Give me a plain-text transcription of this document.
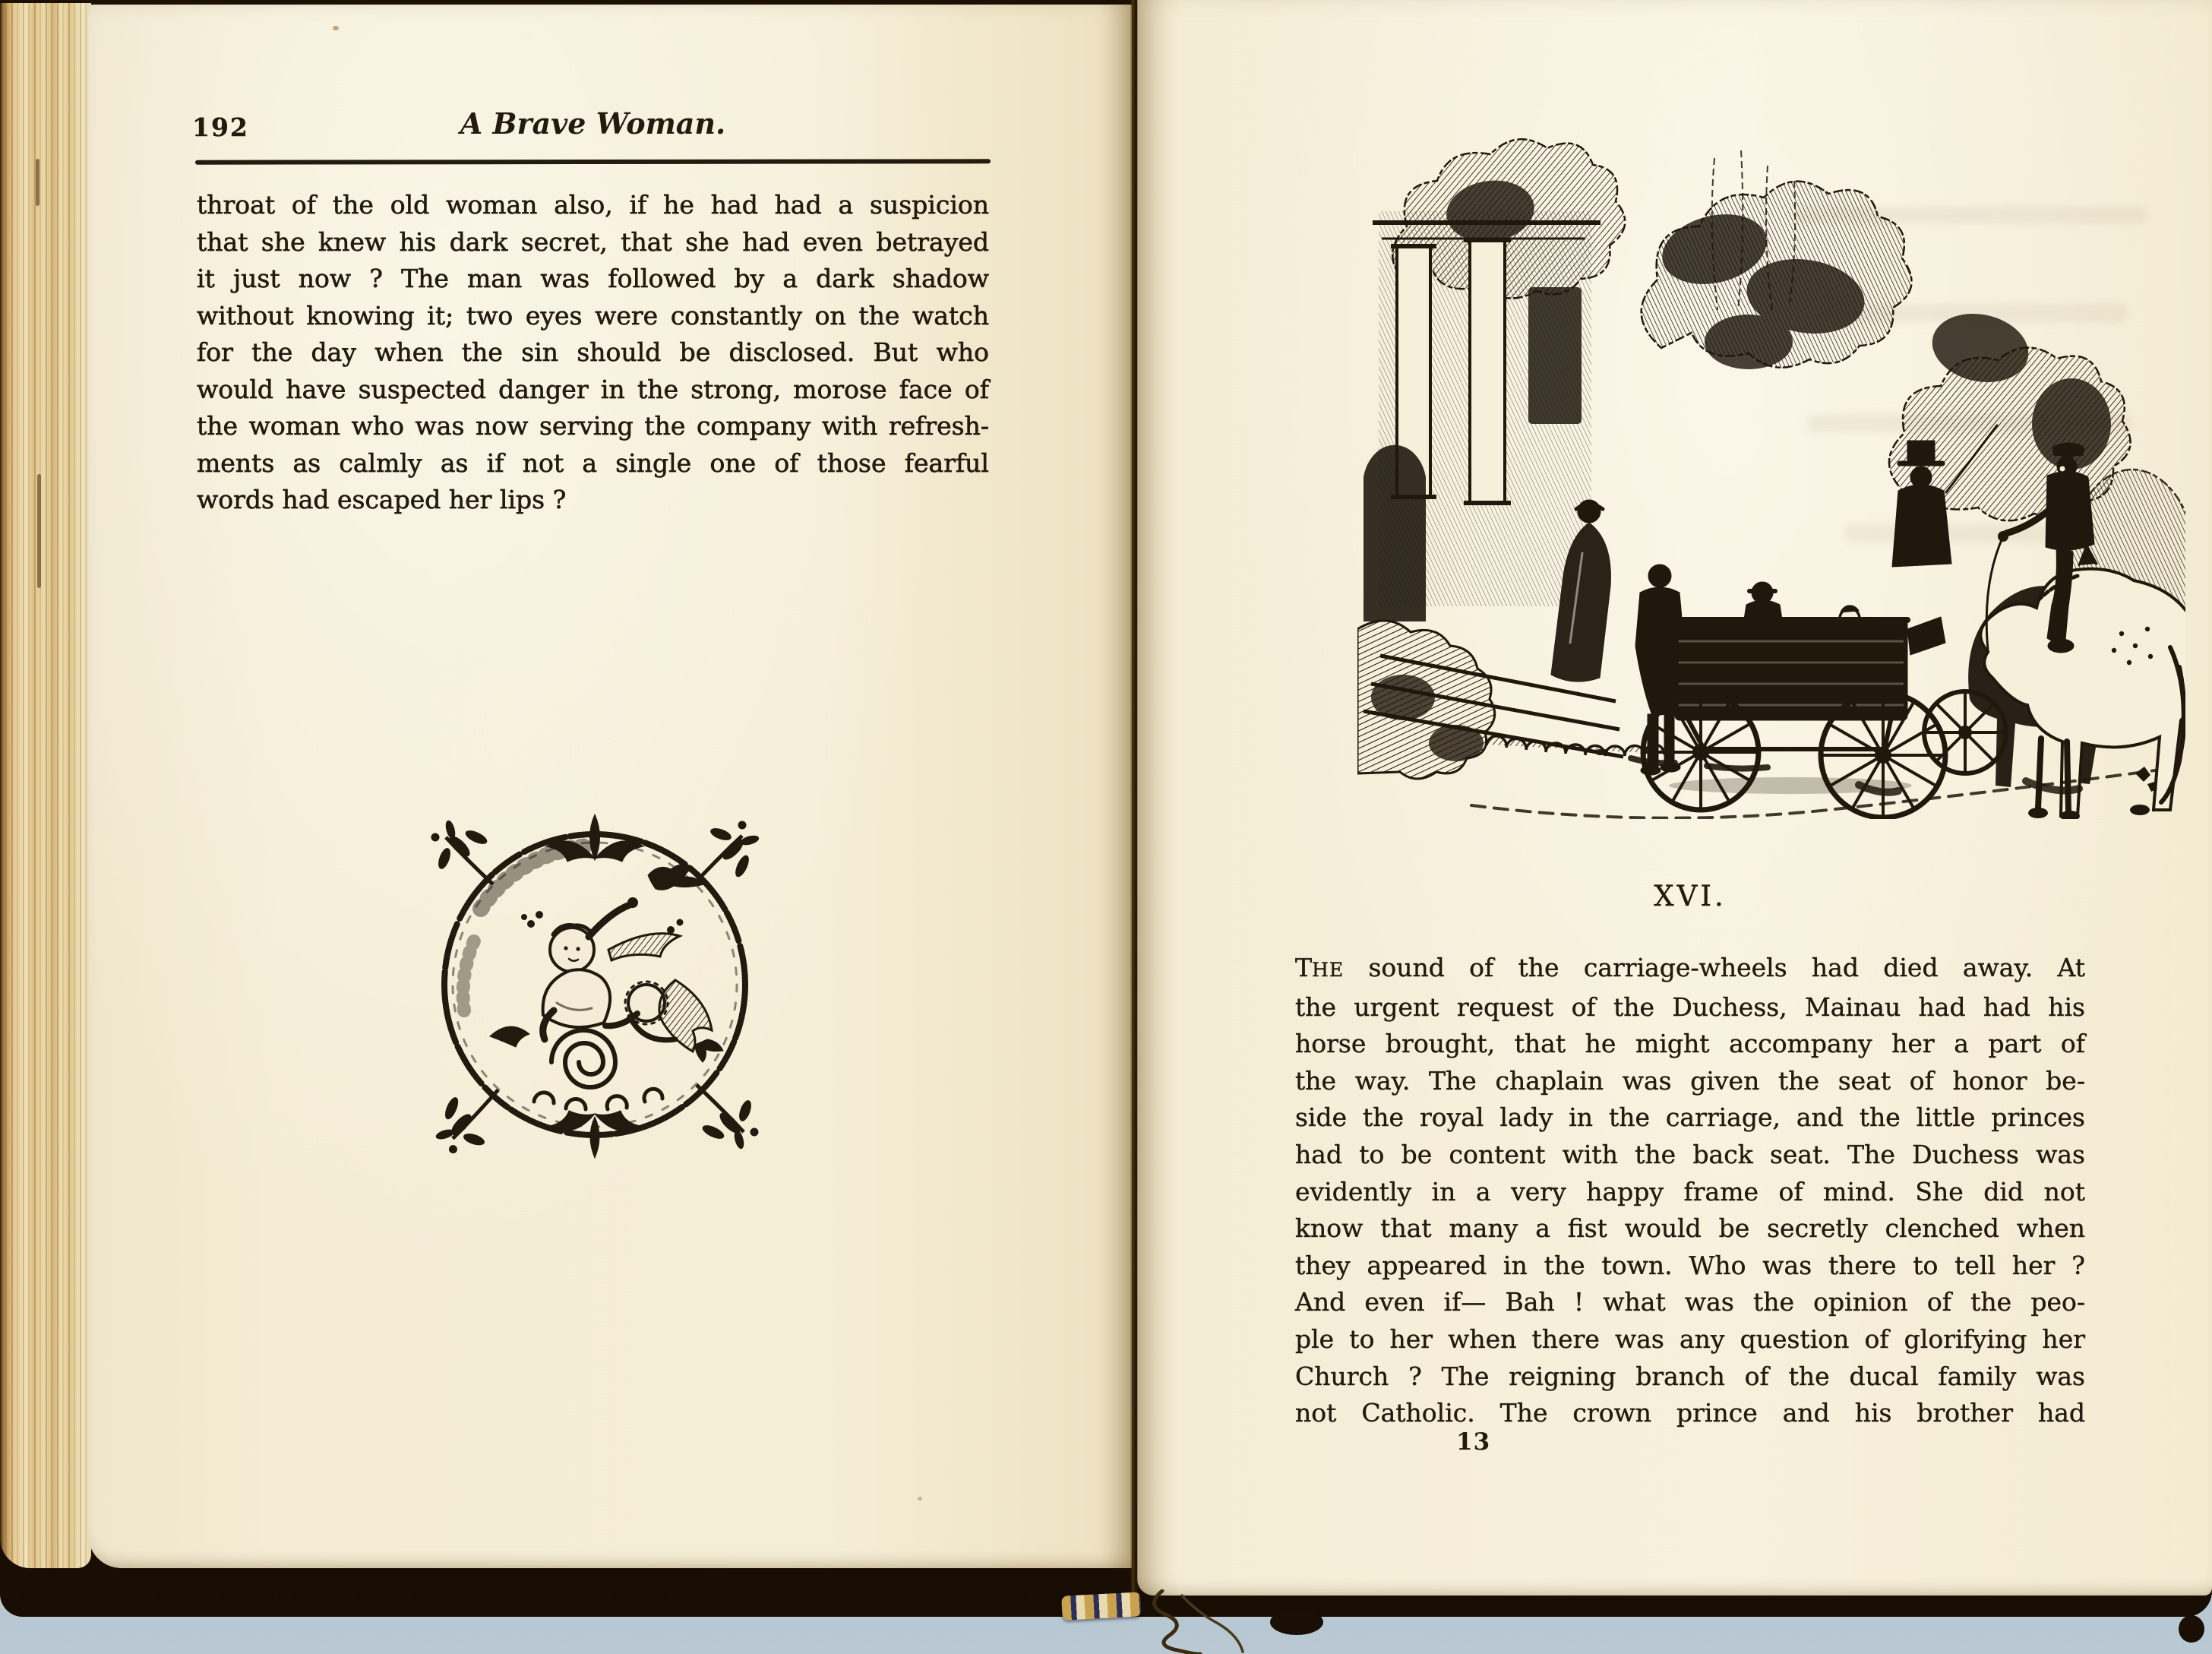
192	A Brave Woman.
throat of the old woman also, if he had had a suspicion
that she knew his dark secret, that she had even betrayed
it just now ? The man was followed by a dark shadow
without knowing it; two eyes were constantly on the watch
for the day when the sin should be disclosed. But who
would have suspected danger in the strong, morose face of
the woman who was now serving the company with refresh-
ments as calmly as if not a single one of those fearful
words had escaped her lips ?
XVI.
THE sound of the carriage-wheels had died away. At
the urgent request of the Duchess, Mainau had had his
horse brought, that he might accompany her a part of
the way. The chaplain was given the seat of honor be-
side the royal lady in the carriage, and the little princes
had to be content with the back seat. The Duchess was
evidently in a very happy frame of mind. She did not
know that many a fist would be secretly clenched when
they appeared in the town. Who was there to tell her ?
And even if— Bah ! what was the opinion of the peo-
ple to her when there was any question of glorifying her
Church ? The reigning branch of the ducal family was
not Catholic. The crown prince and his brother had
13
